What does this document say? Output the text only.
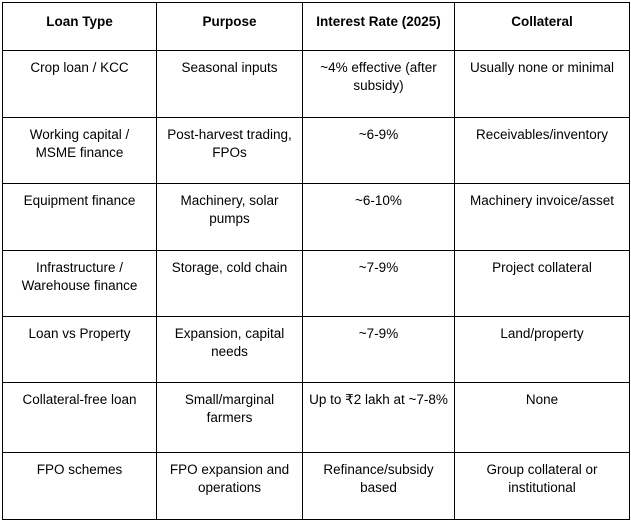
Loan Type	Purpose	Interest Rate (2025)	Collateral
Crop loan / KCC	Seasonal inputs	~4% effective (after subsidy)	Usually none or minimal
Working capital / MSME finance	Post-harvest trading, FPOs	~6-9%	Receivables/inventory
Equipment finance	Machinery, solar pumps	~6-10%	Machinery invoice/asset
Infrastructure / Warehouse finance	Storage, cold chain	~7-9%	Project collateral
Loan vs Property	Expansion, capital needs	~7-9%	Land/property
Collateral-free loan	Small/marginal farmers	Up to ₹2 lakh at ~7-8%	None
FPO schemes	FPO expansion and operations	Refinance/subsidy based	Group collateral or institutional
